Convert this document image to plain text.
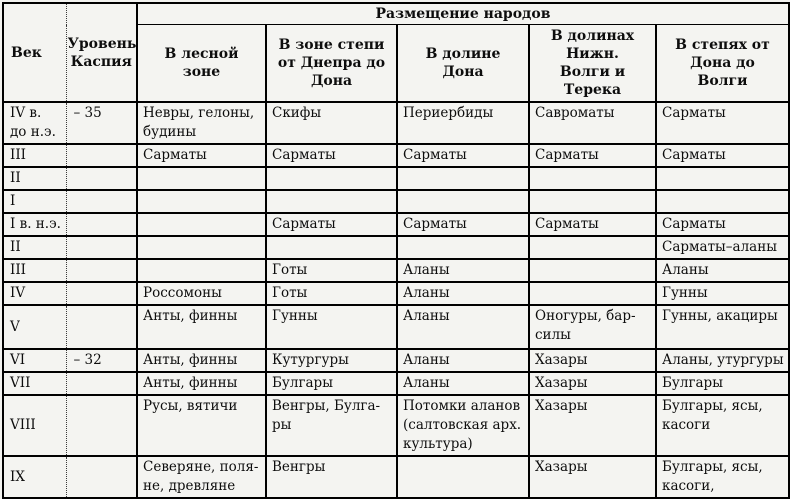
Век	Уровень Каспия	Размещение народов				
		В лесной зоне	В зоне степи от Днепра до Дона	В долине Дона	В долинах Нижн. Волги и Терека	В степях от Дона до Волги
IV в. до н.э.	– 35	Невры, гелоны, будины	Скифы	Периербиды	Савроматы	Сарматы
III		Сарматы	Сарматы	Сарматы	Сарматы	Сарматы
II						
I						
I в. н.э.			Сарматы	Сарматы	Сарматы	Сарматы
II						Сарматы–аланы
III			Готы	Аланы		Аланы
IV		Россомоны	Готы	Аланы		Гунны
V		Анты, финны	Гунны	Аланы	Оногуры, бар-силы	Гунны, акациры
VI	– 32	Анты, финны	Кутургуры	Аланы	Хазары	Аланы, утургуры
VII		Анты, финны	Булгары	Аланы	Хазары	Булгары
VIII		Русы, вятичи	Венгры, Булга-ры	Потомки аланов (салтовская арх. культура)	Хазары	Булгары, ясы, касоги
IX		Северяне, поля-не, древляне	Венгры		Хазары	Булгары, ясы, касоги,
